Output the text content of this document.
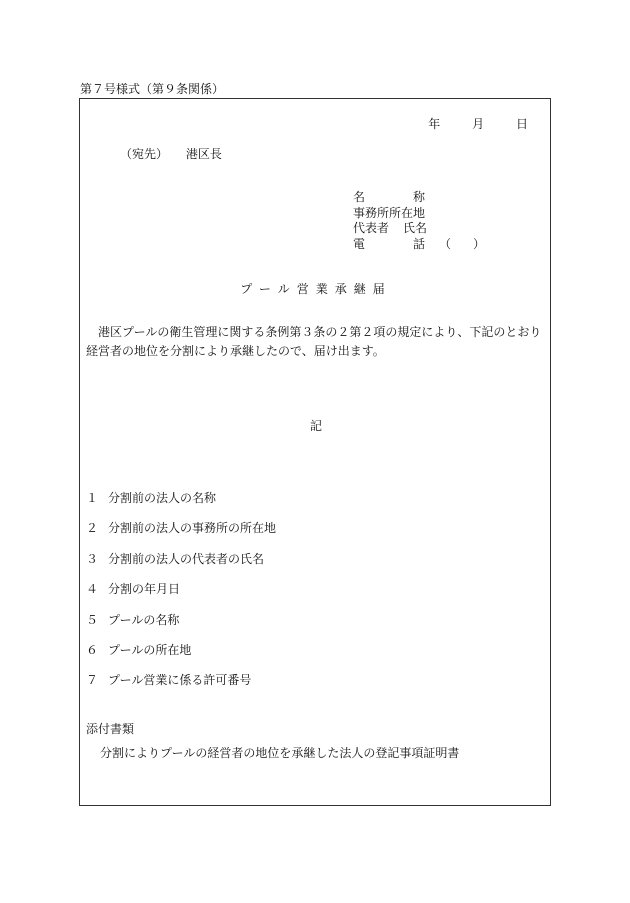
第７号様式（第９条関係）
年	月	日
（宛先） 港区長
名	称
事務所所在地
代表者 氏名
電	話 （ ）
プール営業承継届
港区プールの衛生管理に関する条例第３条の２第２項の規定により、下記のとおり経営者の地位を分割により承継したので、届け出ます。
記
１ 分割前の法人の名称
２ 分割前の法人の事務所の所在地
３ 分割前の法人の代表者の氏名
４ 分割の年月日
５ プールの名称
６ プールの所在地
７ プール営業に係る許可番号
添付書類
分割によりプールの経営者の地位を承継した法人の登記事項証明書
